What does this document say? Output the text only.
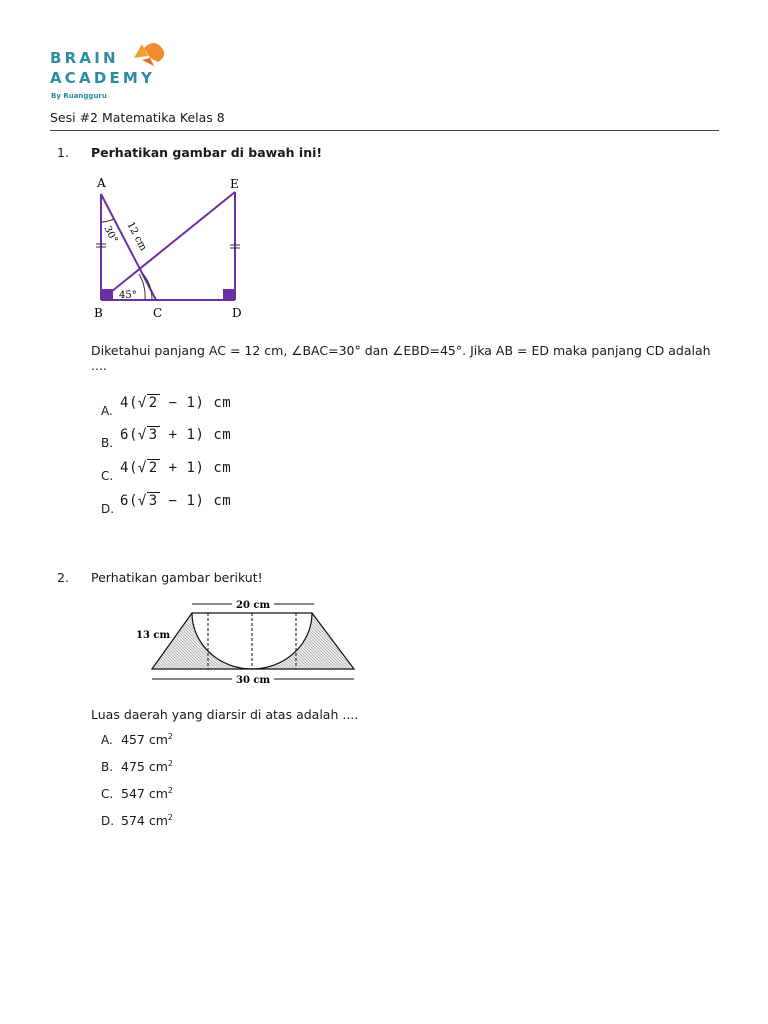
BRAIN
ACADEMY
By Ruangguru
Sesi #2 Matematika Kelas 8
1. Perhatikan gambar di bawah ini!
A	E
B	C	D
45°
30° 12 cm
Diketahui panjang AC = 12 cm, ∠BAC=30° dan ∠EBD=45°. Jika AB = ED maka panjang CD adalah ....
A. 4(√ 2 − 1) cm
B. 6(√ 3 + 1) cm
C. 4(√ 2 + 1) cm
D. 6(√ 3 − 1) cm
2. Perhatikan gambar berikut!
20 cm
13 cm
30 cm
Luas daerah yang diarsir di atas adalah ....
A. 457 $cm^2$
B. 475 $cm^2$
C. 547 $cm^2$
D. 574 $cm^2$
